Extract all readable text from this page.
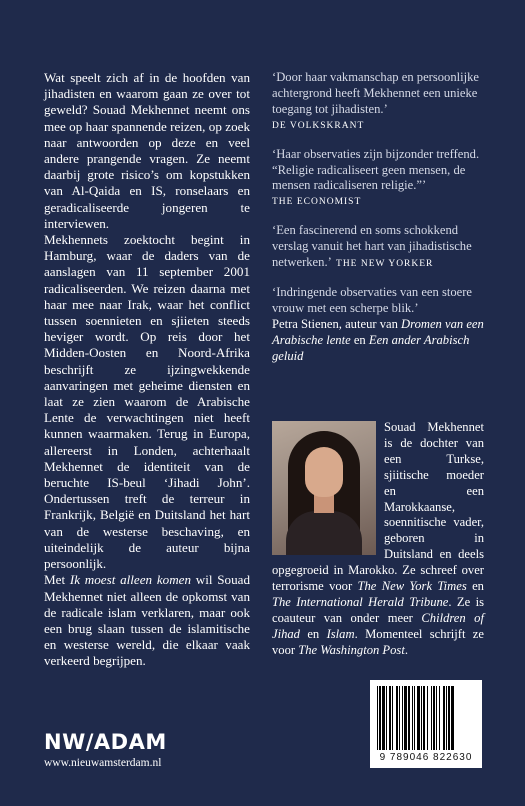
Wat speelt zich af in de hoofden van jihadisten en waarom gaan ze over tot geweld? Souad Mekhennet neemt ons mee op haar spannende reizen, op zoek naar antwoorden op deze en veel andere prangende vragen. Ze neemt daarbij grote risico’s om kopstukken van Al-Qaida en IS, ronselaars en geradicaliseerde jongeren te interviewen.

Mekhennets zoektocht begint in Hamburg, waar de daders van de aanslagen van 11 september 2001 radicaliseerden. We reizen daarna met haar mee naar Irak, waar het conflict tussen soennieten en sjiieten steeds heviger wordt. Op reis door het Midden-Oosten en Noord-Afrika beschrijft ze ijzingwekkende aanvaringen met geheime diensten en laat ze zien waarom de Arabische Lente de verwachtingen niet heeft kunnen waarmaken. Terug in Europa, allereerst in Londen, achterhaalt Mekhennet de identiteit van de beruchte IS-beul ‘Jihadi John’. Ondertussen treft de terreur in Frankrijk, België en Duitsland het hart van de westerse beschaving, en uiteindelijk de auteur bijna persoonlijk.

Met Ik moest alleen komen wil Souad Mekhennet niet alleen de opkomst van de radicale islam verklaren, maar ook een brug slaan tussen de islamitische en westerse wereld, die elkaar vaak verkeerd begrijpen.

‘Door haar vakmanschap en persoonlijke achtergrond heeft Mekhennet een unieke toegang tot jihadisten.’
DE VOLKSKRANT
‘Haar observaties zijn bijzonder treffend. “Religie radicaliseert geen mensen, de mensen radicaliseren religie.”’
THE ECONOMIST
‘Een fascinerend en soms schokkend verslag vanuit het hart van jihadistische netwerken.’ THE NEW YORKER
‘Indringende observaties van een stoere vrouw met een scherpe blik.’
Petra Stienen, auteur van Dromen van een Arabische lente en Een ander Arabisch geluid
Souad Mekhennet is de dochter van een Turkse, sjiitische moeder en een Marokkaanse, soennitische vader, geboren in Duitsland en deels opgegroeid in Marokko. Ze schreef over terrorisme voor The New York Times en The International Herald Tribune. Ze is coauteur van onder meer Children of Jihad en Islam. Momenteel schrijft ze voor The Washington Post.
NW/ADAM
www.nieuwamsterdam.nl	9 789046 822630
